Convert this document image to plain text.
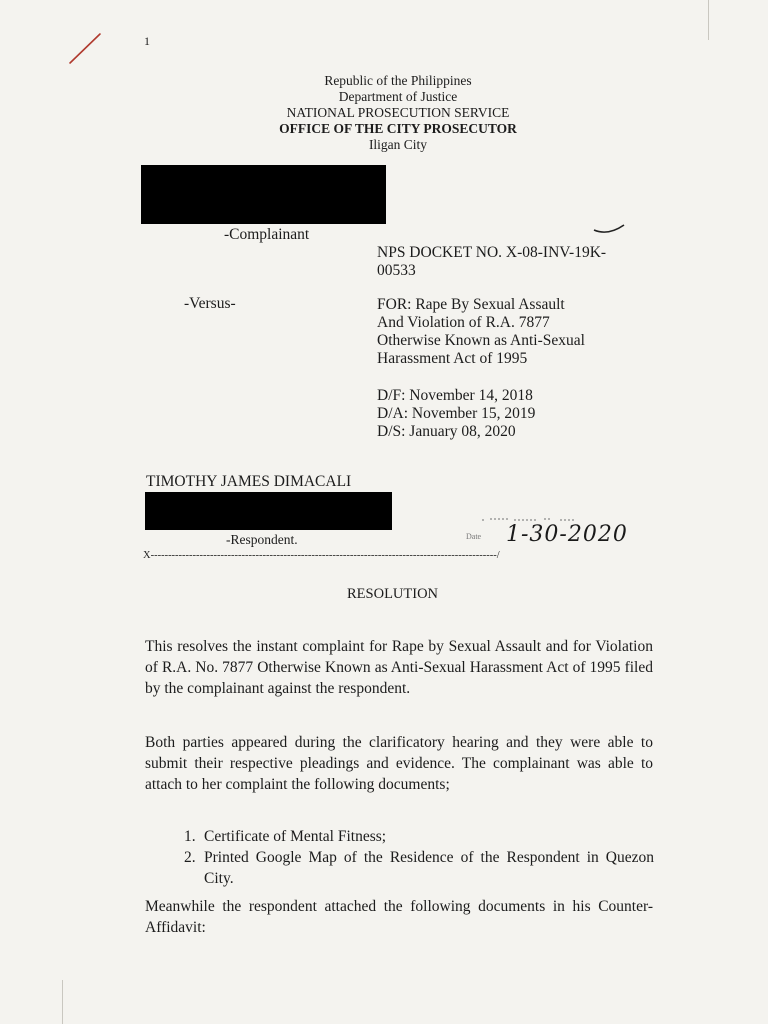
1
Republic of the Philippines
Department of Justice
NATIONAL PROSECUTION SERVICE
OFFICE OF THE CITY PROSECUTOR
Iligan City
-Complainant
NPS DOCKET NO. X-08-INV-19K-
00533
-Versus-	FOR: Rape By Sexual Assault
And Violation of R.A. 7877
Otherwise Known as Anti-Sexual
Harassment Act of 1995
D/F: November 14, 2018
D/A: November 15, 2019
D/S: January 08, 2020
TIMOTHY JAMES DIMACALI
-Respondent.	Date 1-30-2020
X---------------------------------------------------------------------------------------------------/
RESOLUTION
This resolves the instant complaint for Rape by Sexual Assault and for Violation of R.A. No. 7877 Otherwise Known as Anti-Sexual Harassment Act of 1995 filed by the complainant against the respondent.
Both parties appeared during the clarificatory hearing and they were able to submit their respective pleadings and evidence. The complainant was able to attach to her complaint the following documents;
1. Certificate of Mental Fitness;
2. Printed Google Map of the Residence of the Respondent in Quezon City.
Meanwhile the respondent attached the following documents in his Counter-Affidavit:
